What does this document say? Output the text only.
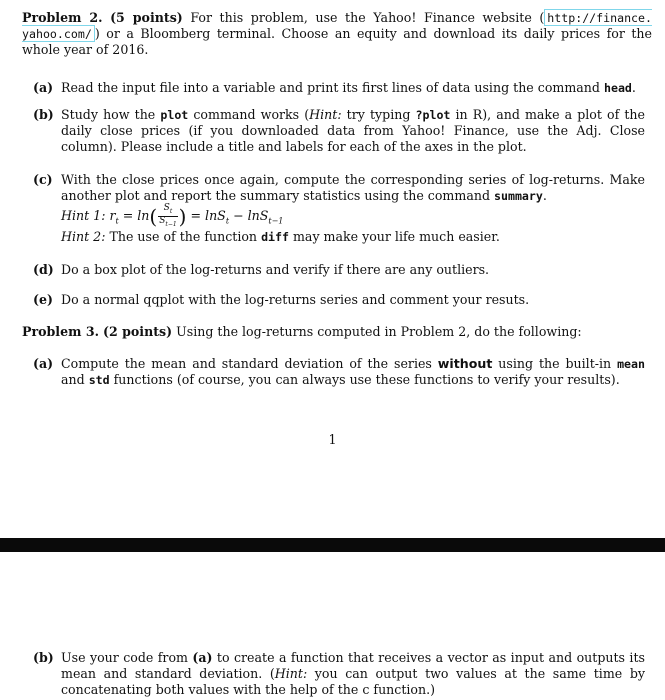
Problem 2. (5 points) For this problem, use the Yahoo! Finance website ( http://finance. yahoo.com/ ) or a Bloomberg terminal. Choose an equity and download its daily prices for the whole year of 2016.
(a) Read the input file into a variable and print its first lines of data using the command head.
(b) Study how the plot command works (Hint: try typing ?plot in R), and make a plot of the daily close prices (if you downloaded data from Yahoo! Finance, use the Adj. Close column). Please include a title and labels for each of the axes in the plot.
(c) With the close prices once again, compute the corresponding series of log-returns. Make another plot and report the summary statistics using the command summary.
Hint 1: $r_t = \ln( \frac{S_t}{S_{t-1}}$ ) = lnS$_t$ − lnS$_{t-1}$
Hint 2: The use of the function diff may make your life much easier.
(d) Do a box plot of the log-returns and verify if there are any outliers.
(e) Do a normal qqplot with the log-returns series and comment your resuts.
Problem 3. (2 points) Using the log-returns computed in Problem 2, do the following:
(a) Compute the mean and standard deviation of the series without using the built-in mean and std functions (of course, you can always use these functions to verify your results).
1
(b) Use your code from (a) to create a function that receives a vector as input and outputs its mean and standard deviation. (Hint: you can output two values at the same time by concatenating both values with the help of the c function.)
